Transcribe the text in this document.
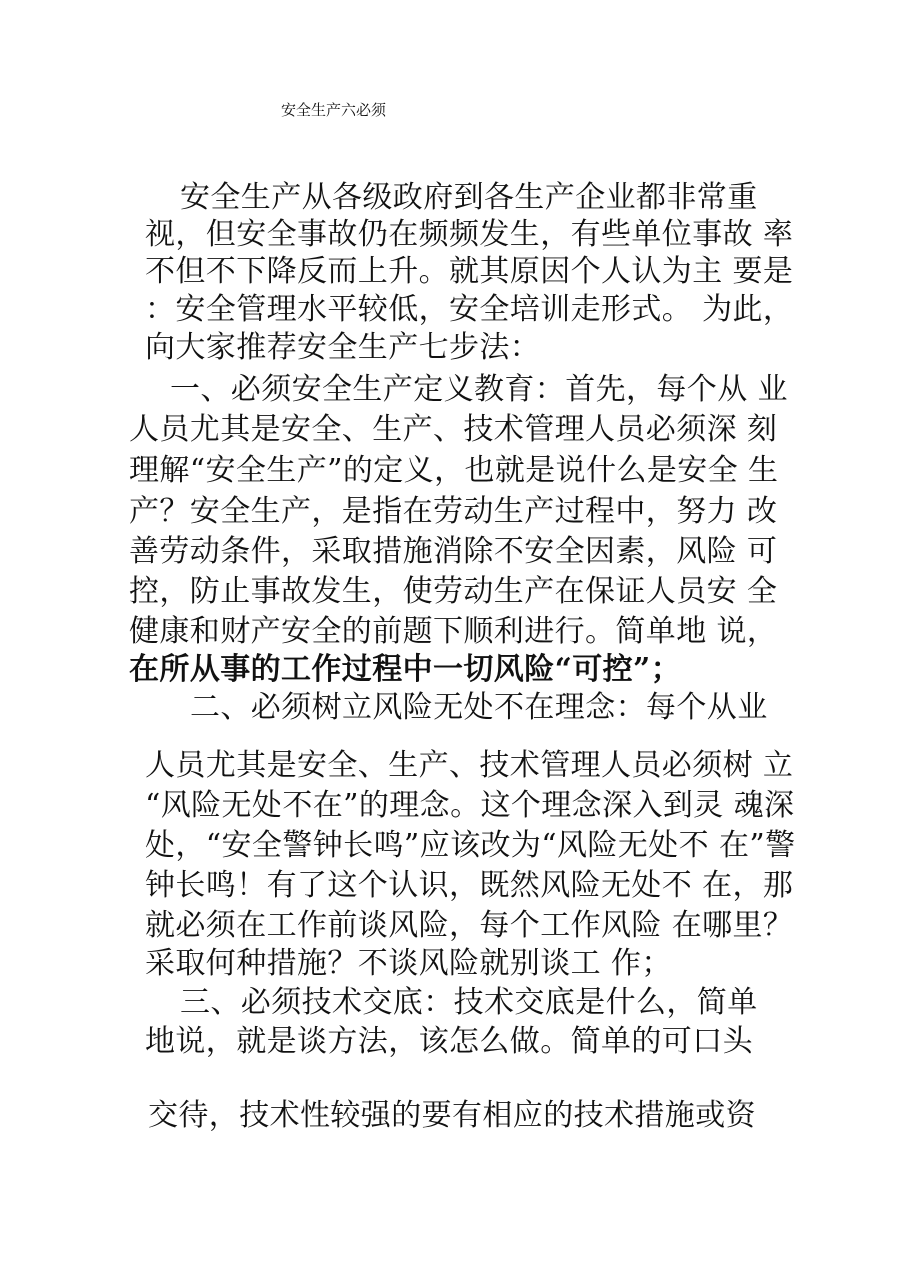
安全生产六必须
安全生产从各级政府到各生产企业都非常重
视，但安全事故仍在频频发生，有些单位事故 率
不但不下降反而上升。就其原因个人认为主 要是
：安全管理水平较低，安全培训走形式。 为此，
向大家推荐安全生产七步法：
一、必须安全生产定义教育：首先，每个从 业
人员尤其是安全、生产、技术管理人员必须深 刻
理解“安全生产”的定义，也就是说什么是安全 生
产？安全生产，是指在劳动生产过程中，努力 改
善劳动条件，采取措施消除不安全因素，风险 可
控，防止事故发生，使劳动生产在保证人员安 全
健康和财产安全的前题下顺利进行。简单地 说，
在所从事的工作过程中一切风险“可控”；
二、必须树立风险无处不在理念：每个从业
人员尤其是安全、生产、技术管理人员必须树 立
“风险无处不在”的理念。这个理念深入到灵 魂深
处，“安全警钟长鸣”应该改为“风险无处不 在”警
钟长鸣！有了这个认识，既然风险无处不 在，那
就必须在工作前谈风险，每个工作风险 在哪里？
采取何种措施？不谈风险就别谈工 作；
三、必须技术交底：技术交底是什么，简单
地说，就是谈方法，该怎么做。简单的可口头
交待，技术性较强的要有相应的技术措施或资
